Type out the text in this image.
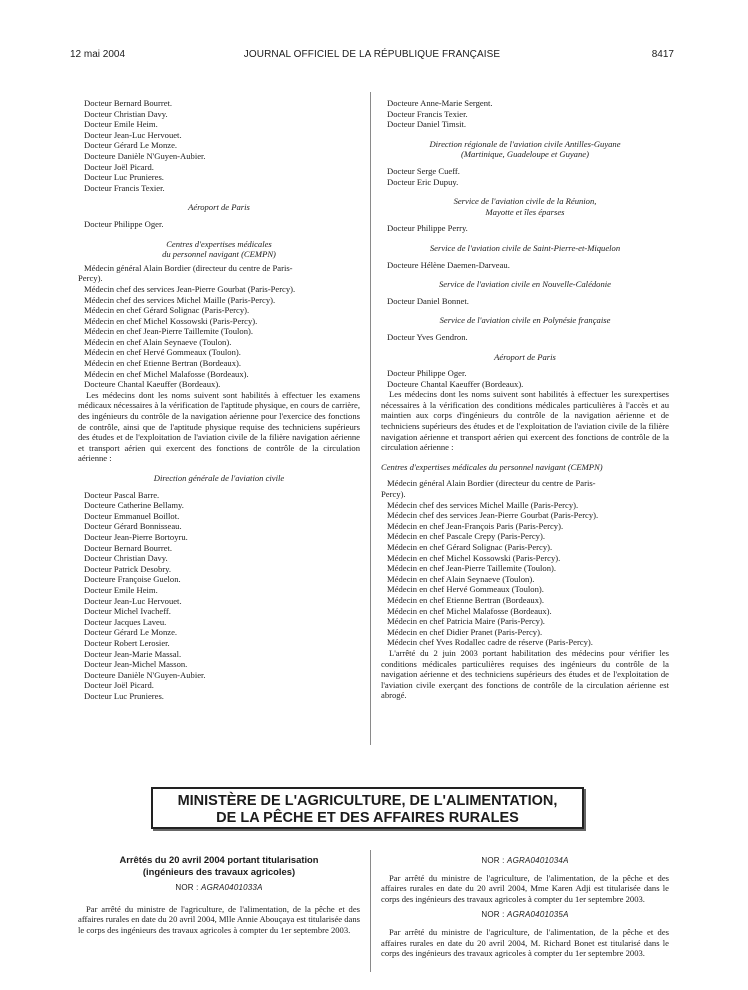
12 mai 2004	JOURNAL OFFICIEL DE LA RÉPUBLIQUE FRANÇAISE	8417
Docteur Bernard Bourret.
Docteur Christian Davy.
Docteur Emile Heim.
Docteur Jean-Luc Hervouet.
Docteur Gérard Le Monze.
Docteure Danièle N'Guyen-Aubier.
Docteur Joël Picard.
Docteur Luc Prunieres.
Docteur Francis Texier.
Aéroport de Paris
Docteur Philippe Oger.
Centres d'expertises médicales
du personnel navigant (CEMPN)
Médecin général Alain Bordier (directeur du centre de Paris-
Percy).
Médecin chef des services Jean-Pierre Gourbat (Paris-Percy).
Médecin chef des services Michel Maille (Paris-Percy).
Médecin en chef Gérard Solignac (Paris-Percy).
Médecin en chef Michel Kossowski (Paris-Percy).
Médecin en chef Jean-Pierre Taillemite (Toulon).
Médecin en chef Alain Seynaeve (Toulon).
Médecin en chef Hervé Gommeaux (Toulon).
Médecin en chef Etienne Bertran (Bordeaux).
Médecin en chef Michel Malafosse (Bordeaux).
Docteure Chantal Kaeuffer (Bordeaux).
Les médecins dont les noms suivent sont habilités à effectuer les examens médicaux nécessaires à la vérification de l'aptitude physique, en cours de carrière, des ingénieurs du contrôle de la navigation aérienne pour l'exercice des fonctions de contrôle, ainsi que de l'aptitude physique requise des techniciens supérieurs des études et de l'exploitation de l'aviation civile de la filière navigation aérienne et transport aérien qui exercent des fonctions de contrôle de la circulation aérienne :
Direction générale de l'aviation civile
Docteur Pascal Barre.
Docteure Catherine Bellamy.
Docteur Emmanuel Boillot.
Docteur Gérard Bonnisseau.
Docteur Jean-Pierre Bortoyru.
Docteur Bernard Bourret.
Docteur Christian Davy.
Docteur Patrick Desobry.
Docteure Françoise Guelon.
Docteur Emile Heim.
Docteur Jean-Luc Hervouet.
Docteur Michel Ivacheff.
Docteur Jacques Laveu.
Docteur Gérard Le Monze.
Docteur Robert Lerosier.
Docteur Jean-Marie Massal.
Docteur Jean-Michel Masson.
Docteure Danièle N'Guyen-Aubier.
Docteur Joël Picard.
Docteur Luc Prunieres.
Docteure Anne-Marie Sergent.
Docteur Francis Texier.
Docteur Daniel Timsit.
Direction régionale de l'aviation civile Antilles-Guyane
(Martinique, Guadeloupe et Guyane)
Docteur Serge Cueff.
Docteur Eric Dupuy.
Service de l'aviation civile de la Réunion,
Mayotte et îles éparses
Docteur Philippe Perry.
Service de l'aviation civile de Saint-Pierre-et-Miquelon
Docteure Hélène Daemen-Darveau.
Service de l'aviation civile en Nouvelle-Calédonie
Docteur Daniel Bonnet.
Service de l'aviation civile en Polynésie française
Docteur Yves Gendron.
Aéroport de Paris
Docteur Philippe Oger.
Docteure Chantal Kaeuffer (Bordeaux).
Les médecins dont les noms suivent sont habilités à effectuer les surexpertises nécessaires à la vérification des conditions médicales particulières à l'accès et au maintien aux corps d'ingénieurs du contrôle de la navigation aérienne et de techniciens supérieurs des études et de l'exploitation de l'aviation civile de la filière navigation aérienne et transport aérien qui exercent des fonctions de contrôle de la circulation aérienne :
Centres d'expertises médicales du personnel navigant (CEMPN)
Médecin général Alain Bordier (directeur du centre de Paris-
Percy).
Médecin chef des services Michel Maille (Paris-Percy).
Médecin chef des services Jean-Pierre Gourbat (Paris-Percy).
Médecin en chef Jean-François Paris (Paris-Percy).
Médecin en chef Pascale Crepy (Paris-Percy).
Médecin en chef Gérard Solignac (Paris-Percy).
Médecin en chef Michel Kossowski (Paris-Percy).
Médecin en chef Jean-Pierre Taillemite (Toulon).
Médecin en chef Alain Seynaeve (Toulon).
Médecin en chef Hervé Gommeaux (Toulon).
Médecin en chef Etienne Bertran (Bordeaux).
Médecin en chef Michel Malafosse (Bordeaux).
Médecin en chef Patricia Maire (Paris-Percy).
Médecin en chef Didier Pranet (Paris-Percy).
Médecin chef Yves Rodallec cadre de réserve (Paris-Percy).
L'arrêté du 2 juin 2003 portant habilitation des médecins pour vérifier les conditions médicales particulières requises des ingénieurs du contrôle de la navigation aérienne et des techniciens supérieurs des études et de l'exploitation de l'aviation civile exerçant des fonctions de contrôle de la circulation aérienne est abrogé.
MINISTÈRE DE L'AGRICULTURE, DE L'ALIMENTATION,
DE LA PÊCHE ET DES AFFAIRES RURALES
Arrêtés du 20 avril 2004 portant titularisation
(ingénieurs des travaux agricoles)
NOR : AGRA0401033A
Par arrêté du ministre de l'agriculture, de l'alimentation, de la pêche et des affaires rurales en date du 20 avril 2004, Mlle Annie Abouçaya est titularisée dans le corps des ingénieurs des travaux agricoles à compter du 1er septembre 2003.
NOR : AGRA0401034A
Par arrêté du ministre de l'agriculture, de l'alimentation, de la pêche et des affaires rurales en date du 20 avril 2004, Mme Karen Adji est titularisée dans le corps des ingénieurs des travaux agricoles à compter du 1er septembre 2003.
NOR : AGRA0401035A
Par arrêté du ministre de l'agriculture, de l'alimentation, de la pêche et des affaires rurales en date du 20 avril 2004, M. Richard Bonet est titularisé dans le corps des ingénieurs des travaux agricoles à compter du 1er septembre 2003.
